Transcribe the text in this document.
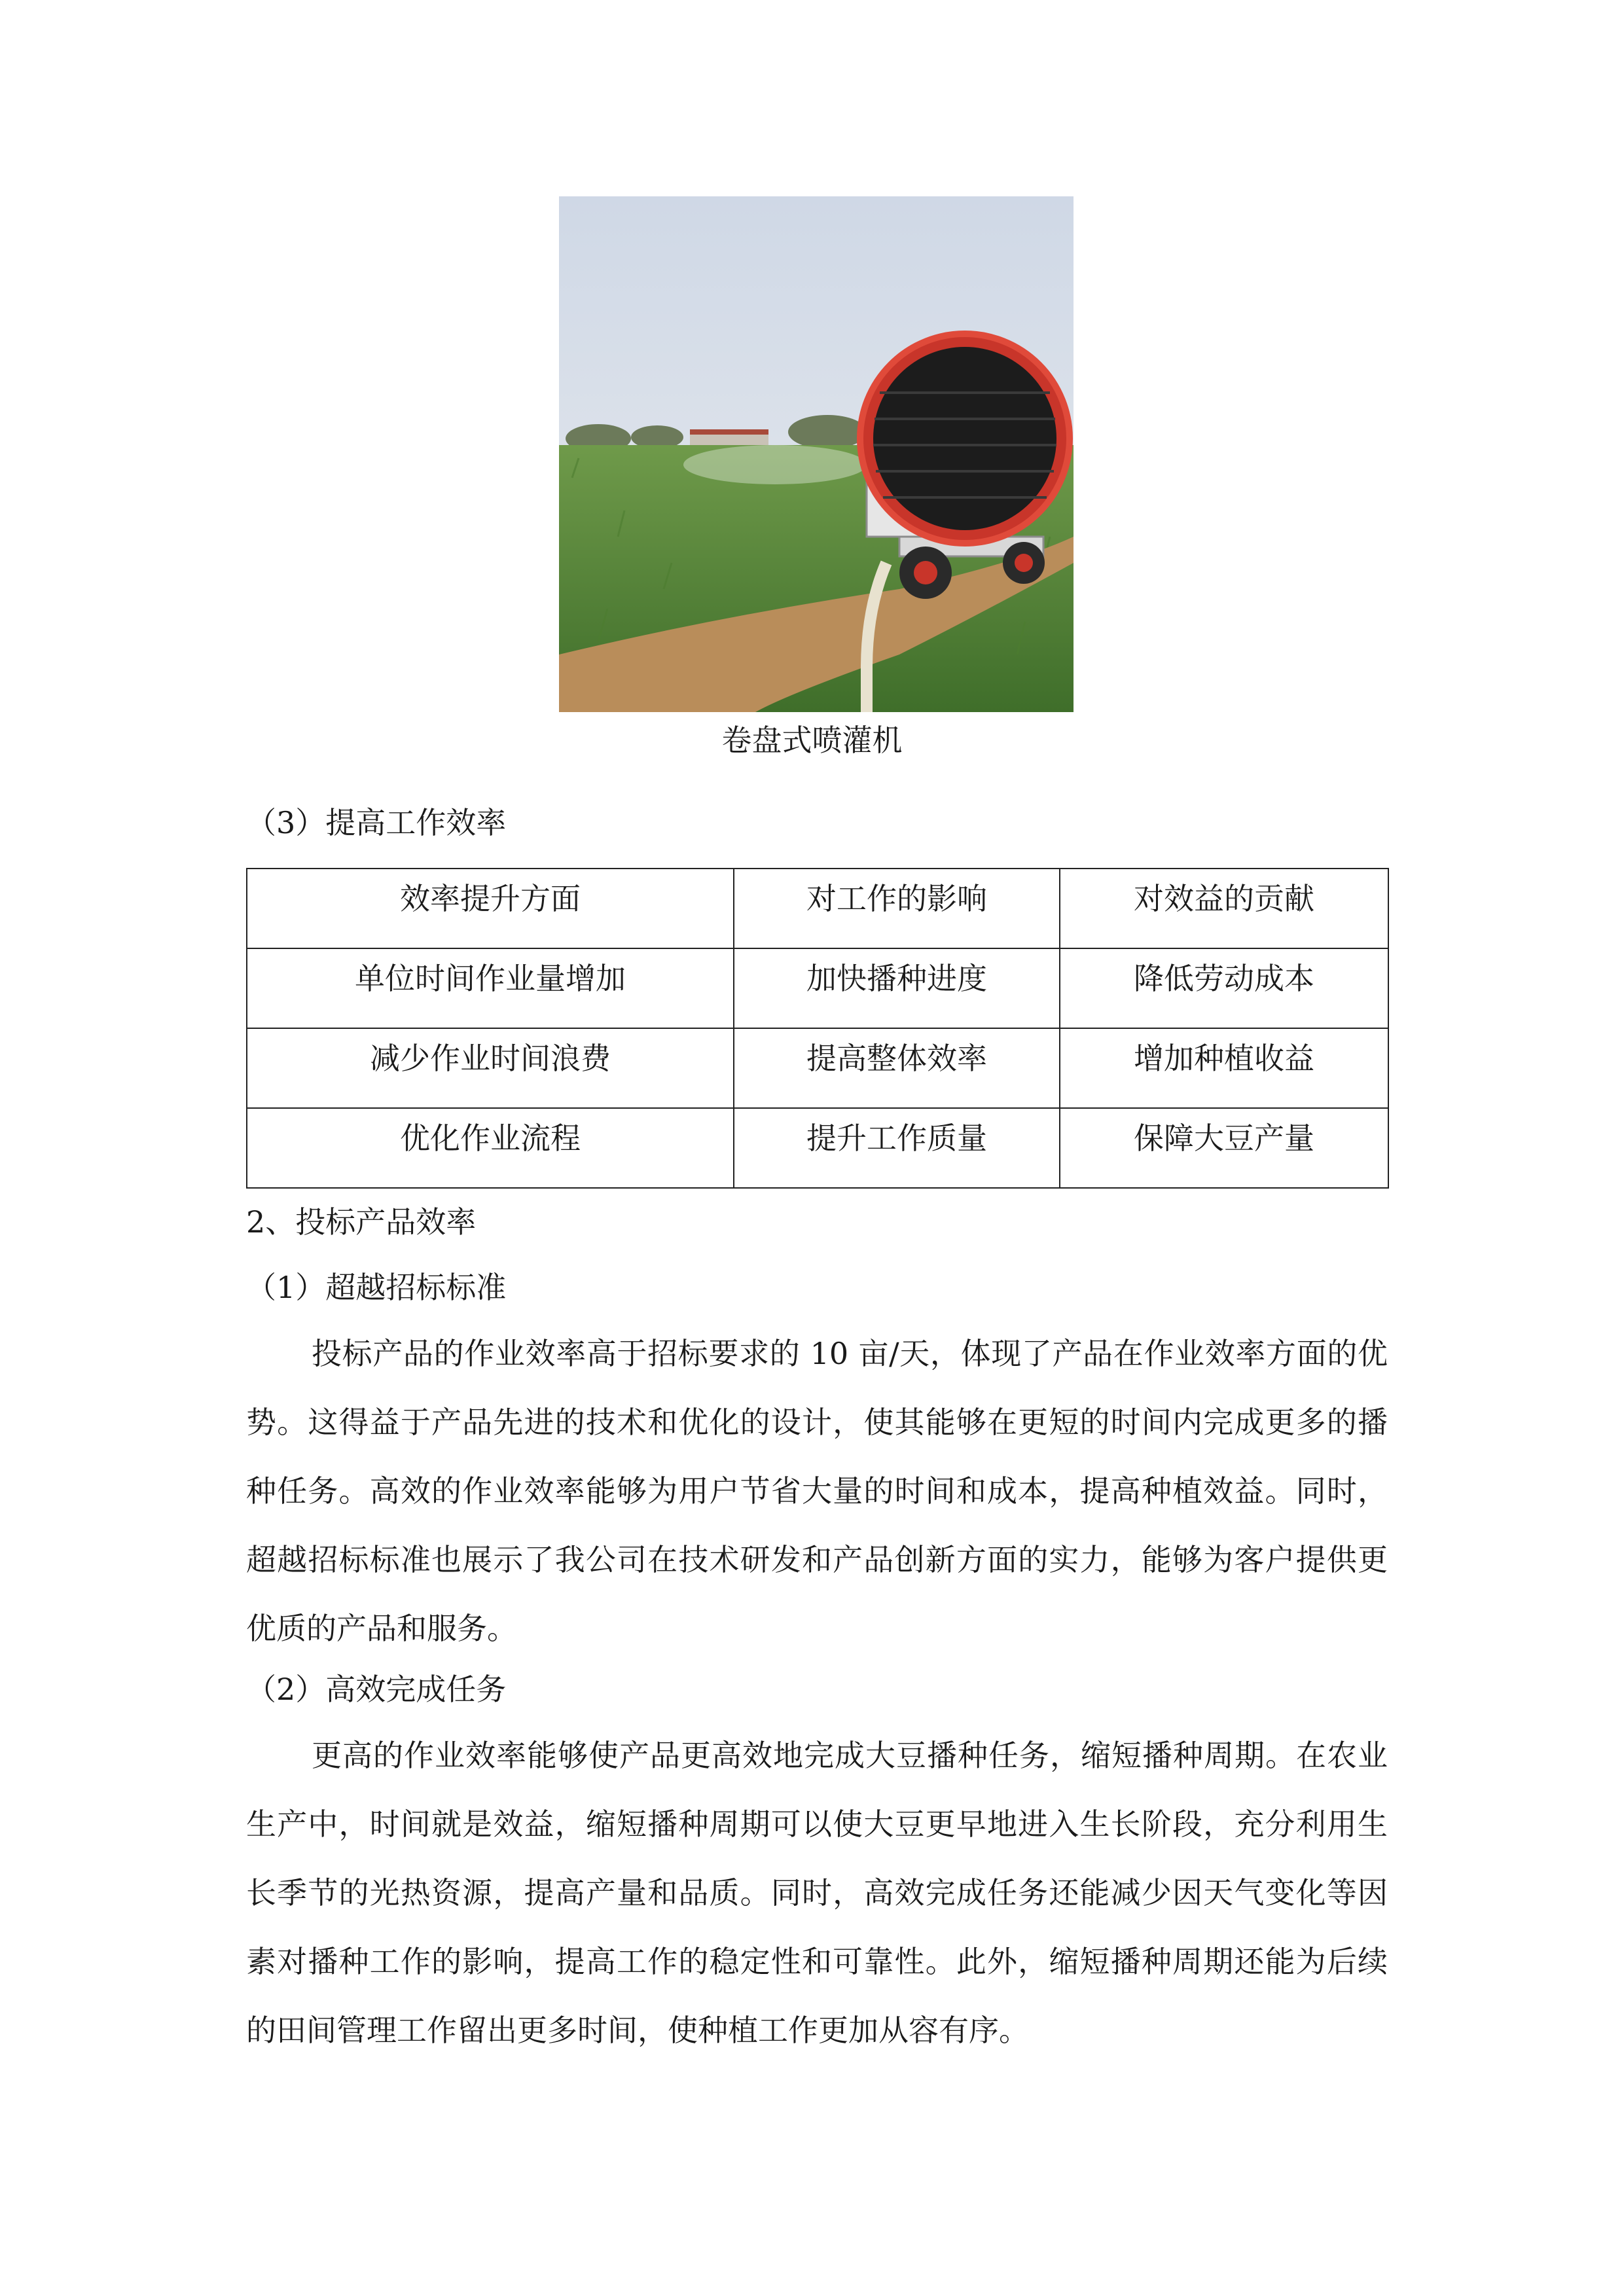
卷盘式喷灌机
（3）提高工作效率
效率提升方面	对工作的影响	对效益的贡献
单位时间作业量增加	加快播种进度	降低劳动成本
减少作业时间浪费	提高整体效率	增加种植收益
优化作业流程	提升工作质量	保障大豆产量
2、投标产品效率
（1）超越招标标准

投标产品的作业效率高于招标要求的 10 亩/天，体现了产品在作业效率方面的优势。这得益于产品先进的技术和优化的设计，使其能够在更短的时间内完成更多的播种任务。高效的作业效率能够为用户节省大量的时间和成本，提高种植效益。同时，超越招标标准也展示了我公司在技术研发和产品创新方面的实力，能够为客户提供更优质的产品和服务。

（2）高效完成任务

更高的作业效率能够使产品更高效地完成大豆播种任务，缩短播种周期。在农业生产中，时间就是效益，缩短播种周期可以使大豆更早地进入生长阶段，充分利用生长季节的光热资源，提高产量和品质。同时，高效完成任务还能减少因天气变化等因素对播种工作的影响，提高工作的稳定性和可靠性。此外，缩短播种周期还能为后续的田间管理工作留出更多时间，使种植工作更加从容有序。
